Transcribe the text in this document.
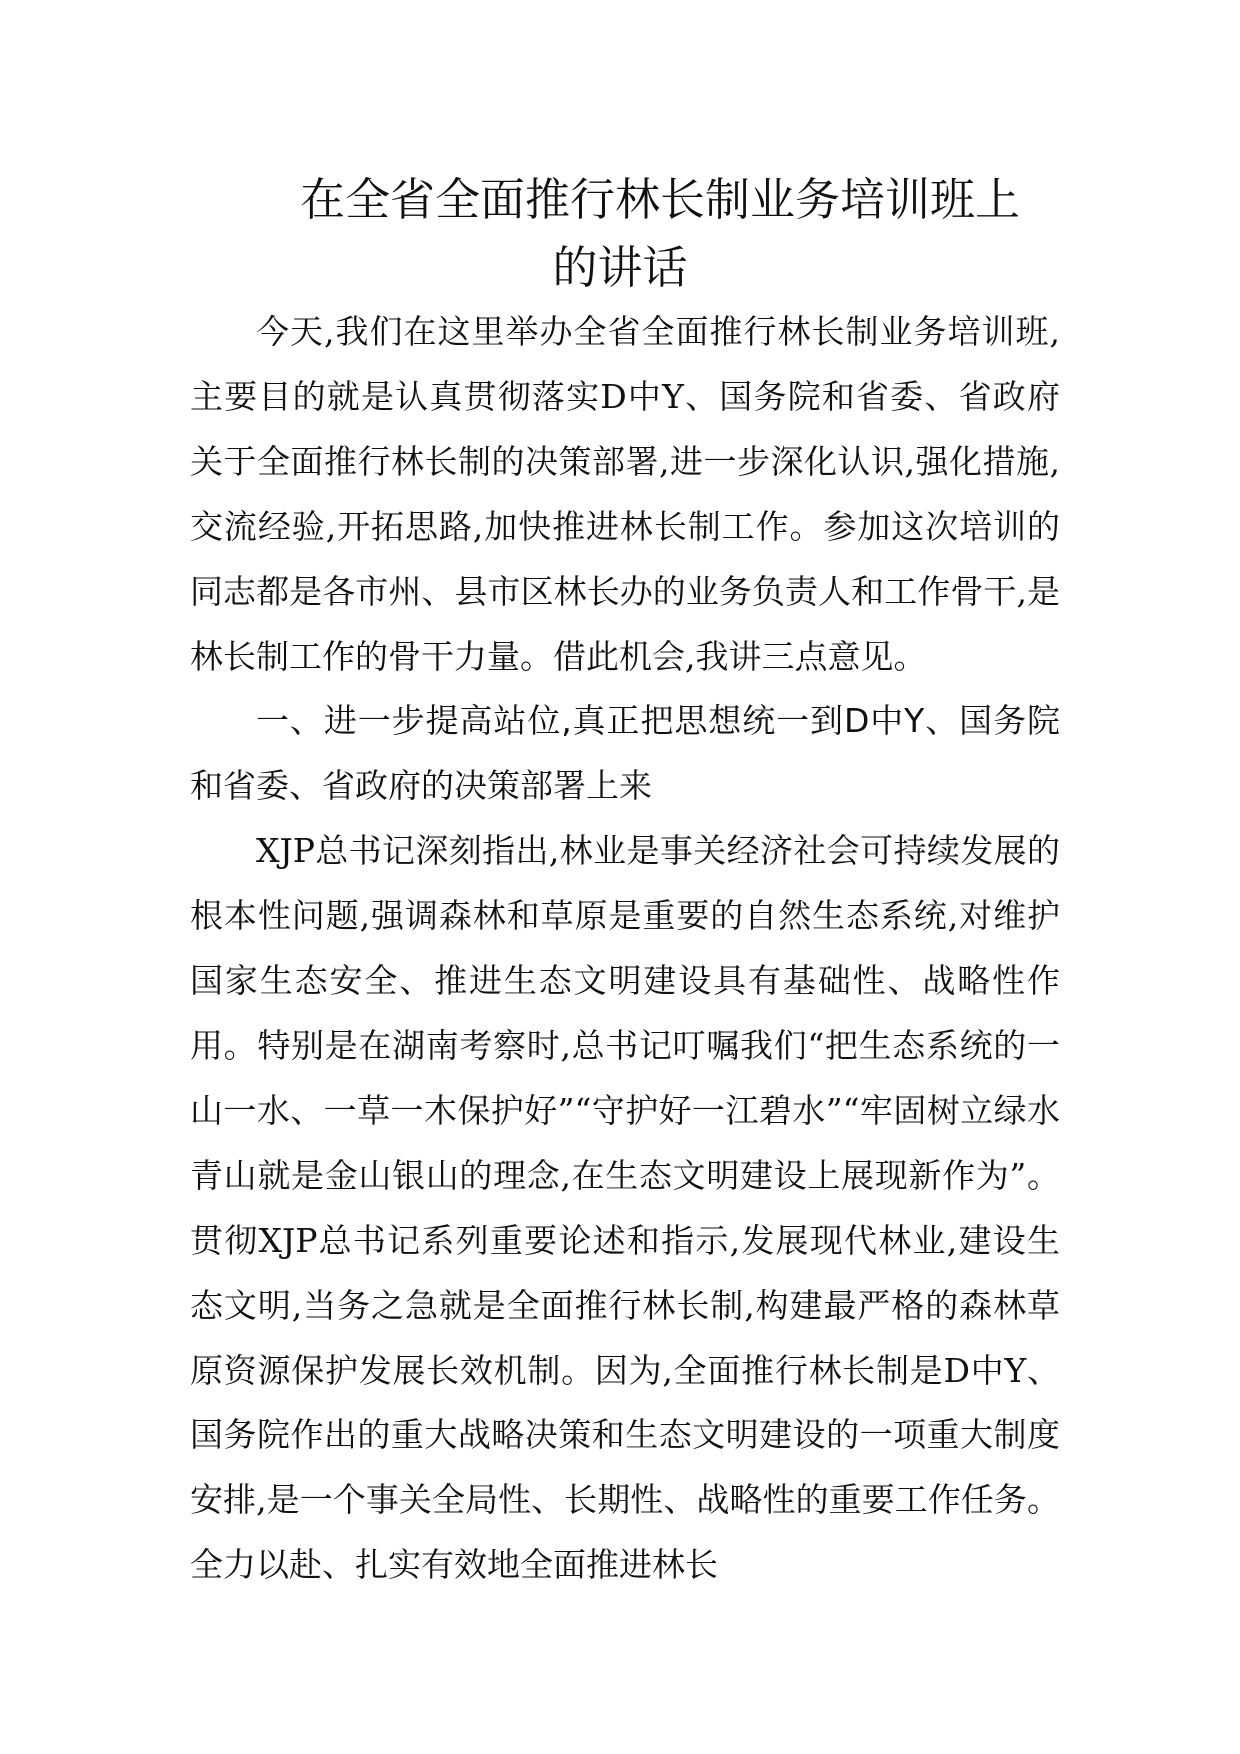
在全省全面推行林长制业务培训班上
的讲话

今天,我们在这里举办全省全面推行林长制业务培训班,主要目的就是认真贯彻落实D中Y、国务院和省委、省政府关于全面推行林长制的决策部署,进一步深化认识,强化措施,交流经验,开拓思路,加快推进林长制工作。参加这次培训的同志都是各市州、县市区林长办的业务负责人和工作骨干,是林长制工作的骨干力量。借此机会,我讲三点意见。

一、进一步提高站位,真正把思想统一到D中Y、国务院和省委、省政府的决策部署上来

XJP总书记深刻指出,林业是事关经济社会可持续发展的根本性问题,强调森林和草原是重要的自然生态系统,对维护国家生态安全、推进生态文明建设具有基础性、战略性作用。特别是在湖南考察时,总书记叮嘱我们“把生态系统的一山一水、一草一木保护好”“守护好一江碧水”“牢固树立绿水青山就是金山银山的理念,在生态文明建设上展现新作为”。贯彻XJP总书记系列重要论述和指示,发展现代林业,建设生态文明,当务之急就是全面推行林长制,构建最严格的森林草原资源保护发展长效机制。因为,全面推行林长制是D中Y、国务院作出的重大战略决策和生态文明建设的一项重大制度安排,是一个事关全局性、长期性、战略性的重要工作任务。全力以赴、扎实有效地全面推进林长
